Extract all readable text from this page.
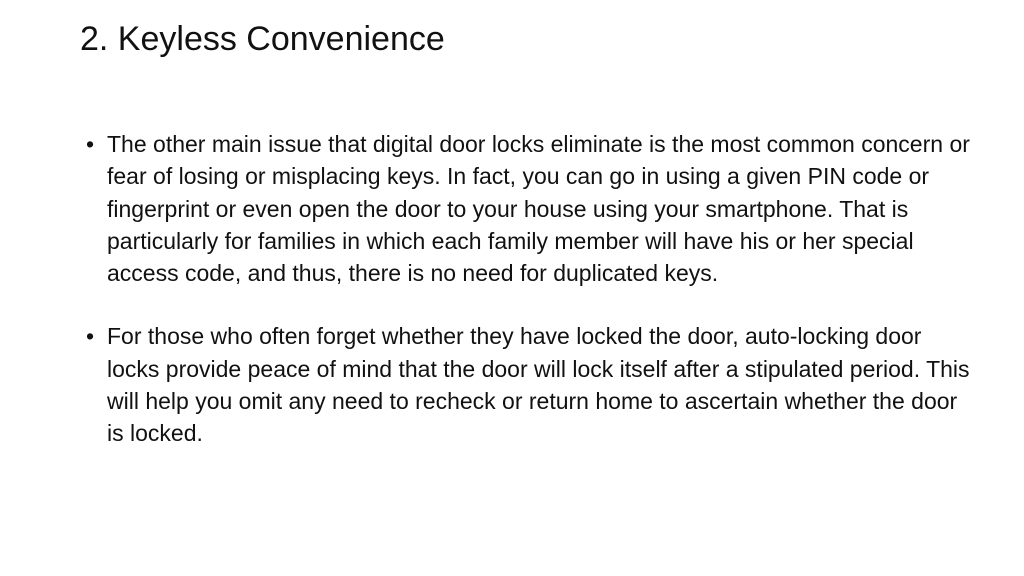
2. Keyless Convenience
• The other main issue that digital door locks eliminate is the most common concern or fear of losing or misplacing keys. In fact, you can go in using a given PIN code or fingerprint or even open the door to your house using your smartphone. That is particularly for families in which each family member will have his or her special access code, and thus, there is no need for duplicated keys.
• For those who often forget whether they have locked the door, auto-locking door locks provide peace of mind that the door will lock itself after a stipulated period. This will help you omit any need to recheck or return home to ascertain whether the door is locked.
